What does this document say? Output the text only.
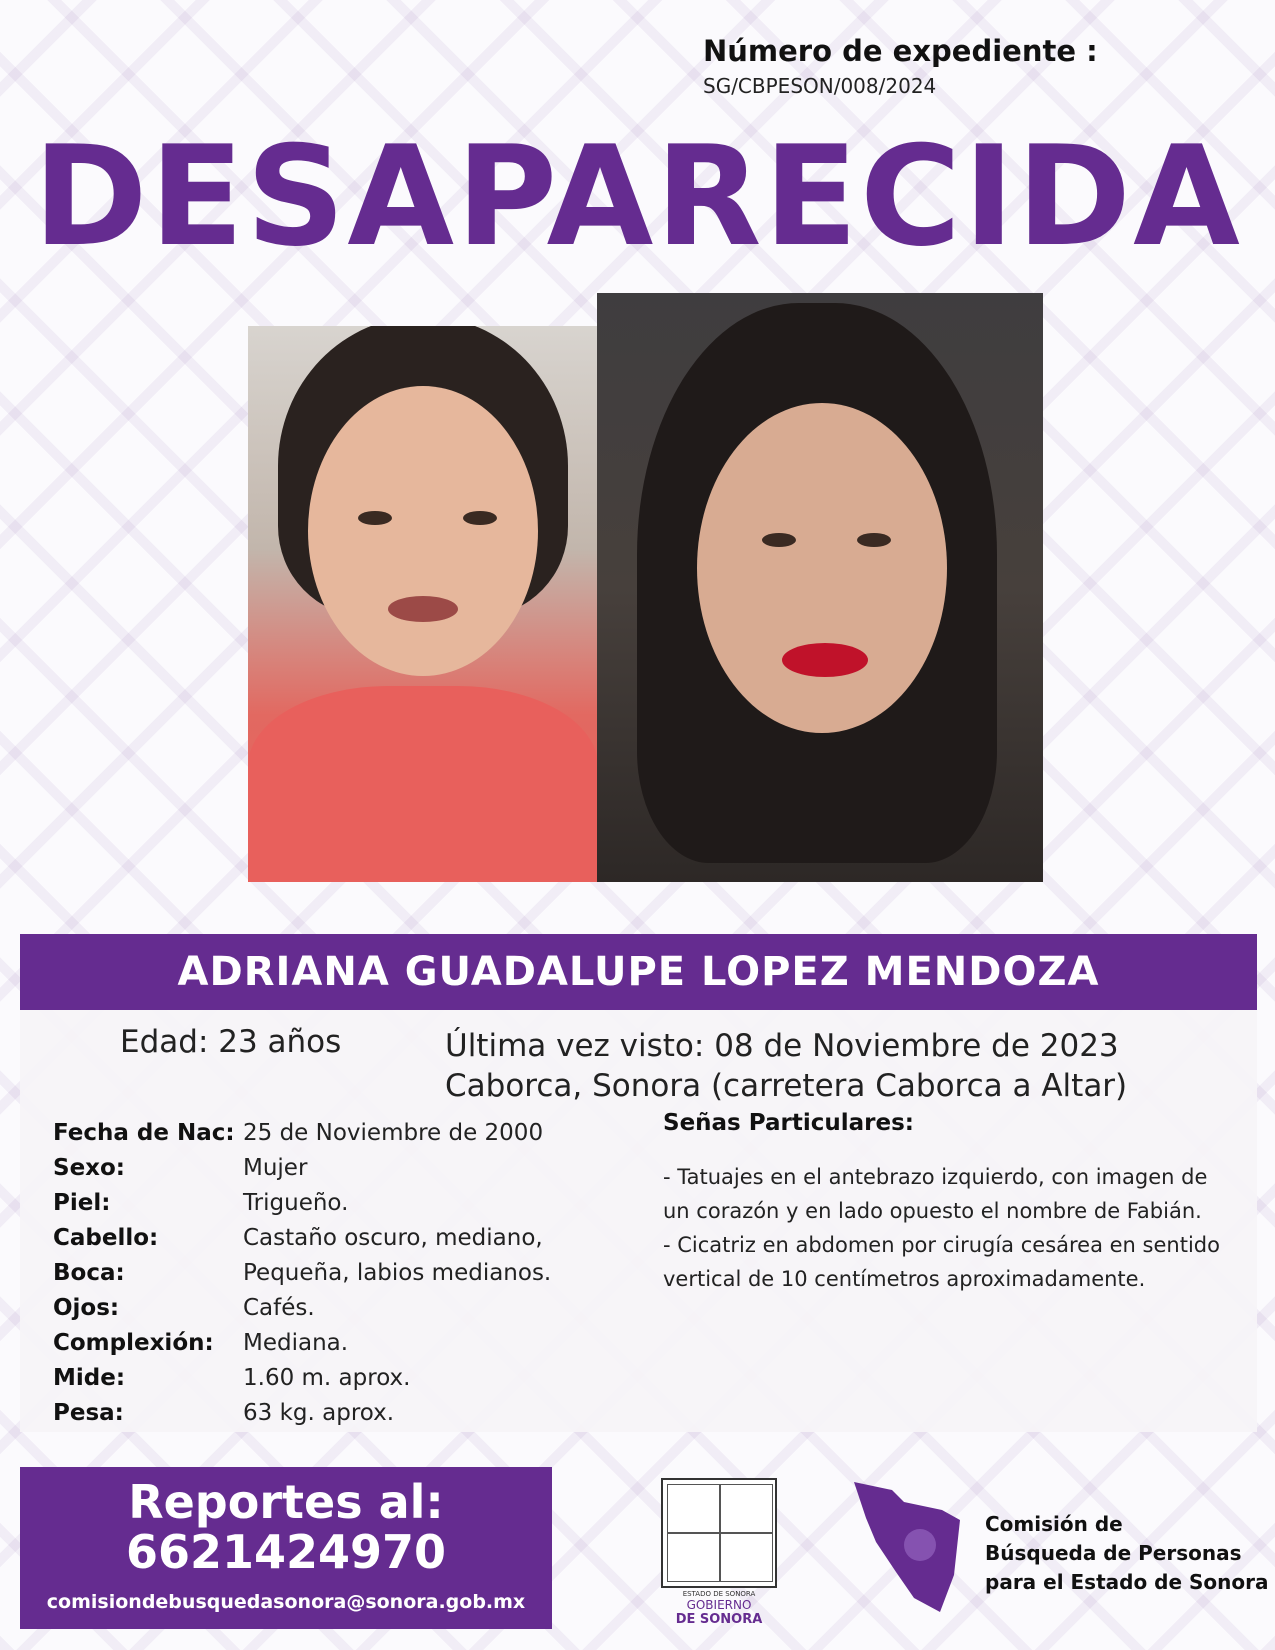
Número de expediente :
SG/CBPESON/008/2024
DESAPARECIDA
ADRIANA GUADALUPE LOPEZ MENDOZA
Edad: 23 años	Última vez visto: 08 de Noviembre de 2023
Caborca, Sonora (carretera Caborca a Altar)
Fecha de Nac: 25 de Noviembre de 2000
Sexo:	Mujer
Piel:	Trigueño.
Cabello:	Castaño oscuro, mediano,
Boca:	Pequeña, labios medianos.
Ojos:	Cafés.
Complexión:	Mediana.
Mide:	1.60 m. aprox.
Pesa:	63 kg. aprox.
Señas Particulares:

- Tatuajes en el antebrazo izquierdo, con imagen de un corazón y en lado opuesto el nombre de Fabián.

- Cicatriz en abdomen por cirugía cesárea en sentido vertical de 10 centímetros aproximadamente.

Reportes al:
6621424970
comisiondebusquedasonora@sonora.gob.mx	ESTADO DE SONORA
GOBIERNO
DE SONORA
Comisión de
Búsqueda de Personas
para el Estado de Sonora
